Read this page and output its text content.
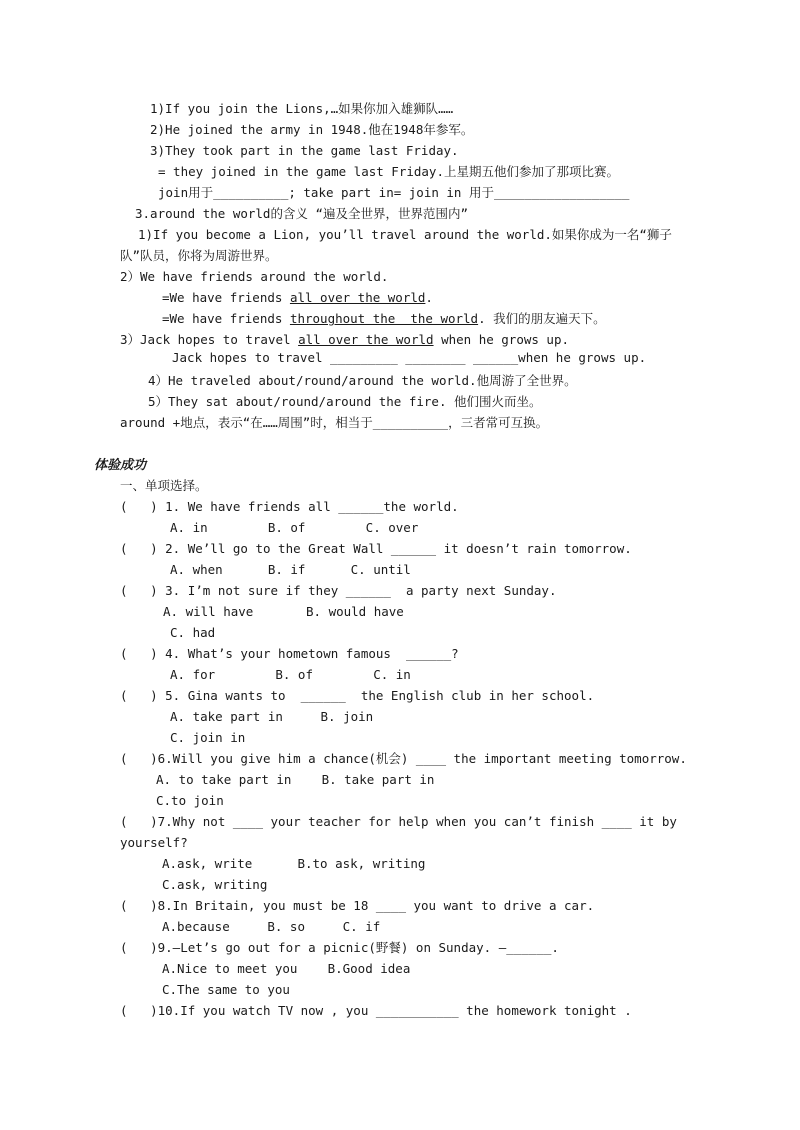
1)If you join the Lions,…如果你加入雄狮队……
2)He joined the army in 1948.他在1948年参军。
3)They took part in the game last Friday.
= they joined in the game last Friday.上星期五他们参加了那项比赛。
join用于__________; take part in= join in 用于__________________
3.around the world的含义 “遍及全世界，世界范围内”
1)If you become a Lion, you’ll travel around the world.如果你成为一名“狮子
队”队员，你将为周游世界。
2）We have friends around the world.
=We have friends all over the world.
=We have friends throughout the  the world. 我们的朋友遍天下。
3）Jack hopes to travel all over the world when he grows up.
Jack hopes to travel _________ ________ ______when he grows up.
4）He traveled about/round/around the world.他周游了全世界。
5）They sat about/round/around the fire. 他们围火而坐。
around +地点，表示“在……周围”时，相当于__________，三者常可互换。
体验成功
一、单项选择。
(   ) 1. We have friends all ______the world.
A. in        B. of        C. over
(   ) 2. We’ll go to the Great Wall ______ it doesn’t rain tomorrow.
A. when      B. if      C. until
(   ) 3. I’m not sure if they ______  a party next Sunday.
A. will have       B. would have
C. had
(   ) 4. What’s your hometown famous  ______?
A. for        B. of        C. in
(   ) 5. Gina wants to  ______  the English club in her school.
A. take part in     B. join
C. join in
(   )6.Will you give him a chance(机会) ____ the important meeting tomorrow.
A. to take part in    B. take part in
C.to join
(   )7.Why not ____ your teacher for help when you can’t finish ____ it by
yourself?
A.ask, write      B.to ask, writing
C.ask, writing
(   )8.In Britain, you must be 18 ____ you want to drive a car.
A.because     B. so     C. if
(   )9.—Let’s go out for a picnic(野餐) on Sunday. —______.
A.Nice to meet you    B.Good idea
C.The same to you
(   )10.If you watch TV now , you ___________ the homework tonight .
